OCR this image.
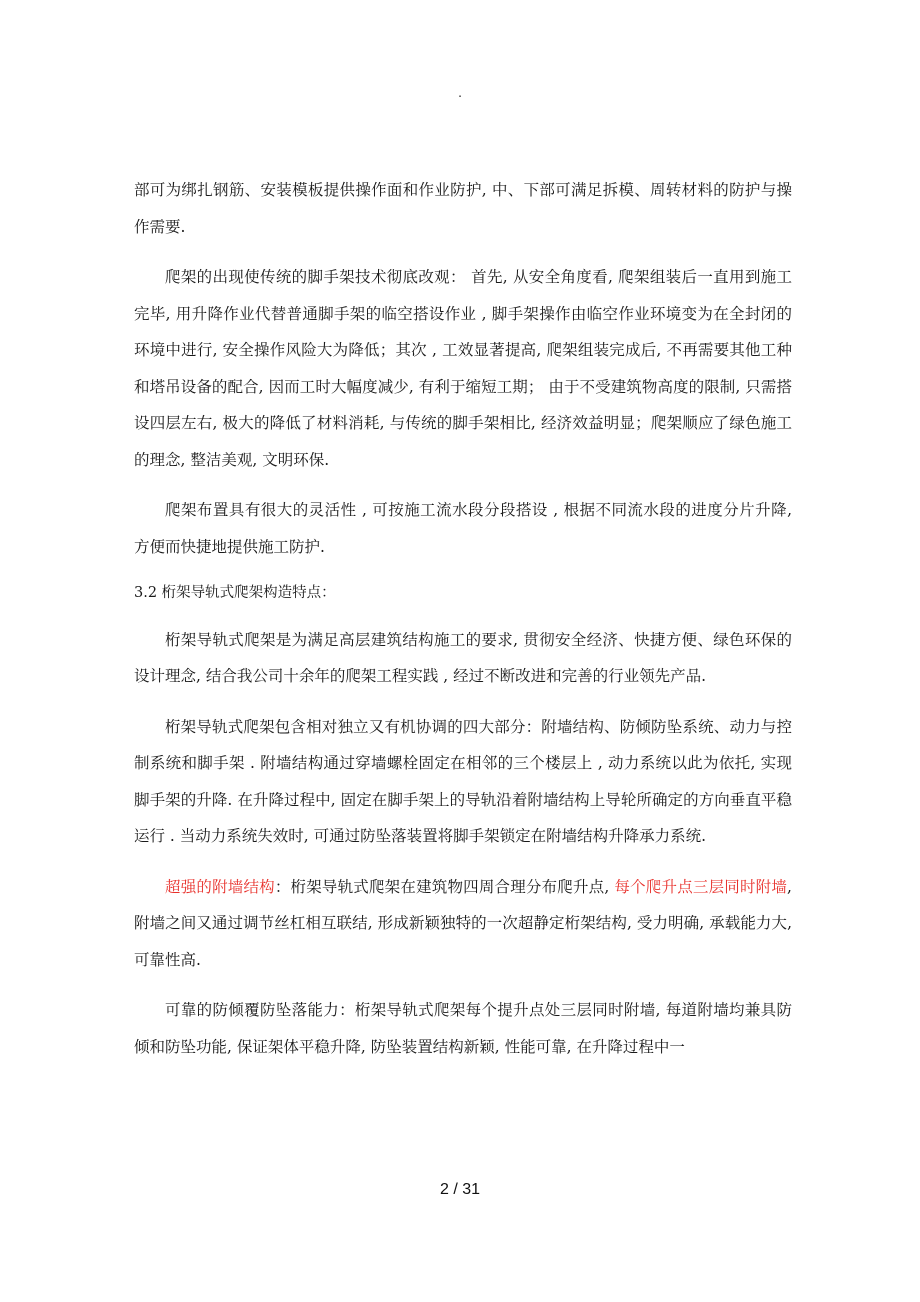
.

部可为绑扎钢筋、安装模板提供操作面和作业防护, 中、下部可满足拆模、周转材料的防护与操作需要.

爬架的出现使传统的脚手架技术彻底改观： 首先, 从安全角度看, 爬架组装后一直用到施工完毕, 用升降作业代替普通脚手架的临空搭设作业 , 脚手架操作由临空作业环境变为在全封闭的环境中进行, 安全操作风险大为降低；其次 , 工效显著提高, 爬架组装完成后, 不再需要其他工种和塔吊设备的配合, 因而工时大幅度减少, 有利于缩短工期； 由于不受建筑物高度的限制, 只需搭设四层左右, 极大的降低了材料消耗, 与传统的脚手架相比, 经济效益明显；爬架顺应了绿色施工的理念, 整洁美观, 文明环保.

爬架布置具有很大的灵活性 , 可按施工流水段分段搭设 , 根据不同流水段的进度分片升降, 方便而快捷地提供施工防护.

3.2 桁架导轨式爬架构造特点：

桁架导轨式爬架是为满足高层建筑结构施工的要求, 贯彻安全经济、快捷方便、绿色环保的设计理念, 结合我公司十余年的爬架工程实践 , 经过不断改进和完善的行业领先产品.

桁架导轨式爬架包含相对独立又有机协调的四大部分：附墙结构、防倾防坠系统、动力与控制系统和脚手架 . 附墙结构通过穿墙螺栓固定在相邻的三个楼层上 , 动力系统以此为依托, 实现脚手架的升降. 在升降过程中, 固定在脚手架上的导轨沿着附墙结构上导轮所确定的方向垂直平稳运行 . 当动力系统失效时, 可通过防坠落装置将脚手架锁定在附墙结构升降承力系统.

超强的附墙结构：桁架导轨式爬架在建筑物四周合理分布爬升点, 每个爬升点三层同时附墙, 附墙之间又通过调节丝杠相互联结, 形成新颖独特的一次超静定桁架结构, 受力明确, 承载能力大, 可靠性高.

可靠的防倾覆防坠落能力：桁架导轨式爬架每个提升点处三层同时附墙, 每道附墙均兼具防倾和防坠功能, 保证架体平稳升降, 防坠装置结构新颖, 性能可靠, 在升降过程中一

2 / 31
